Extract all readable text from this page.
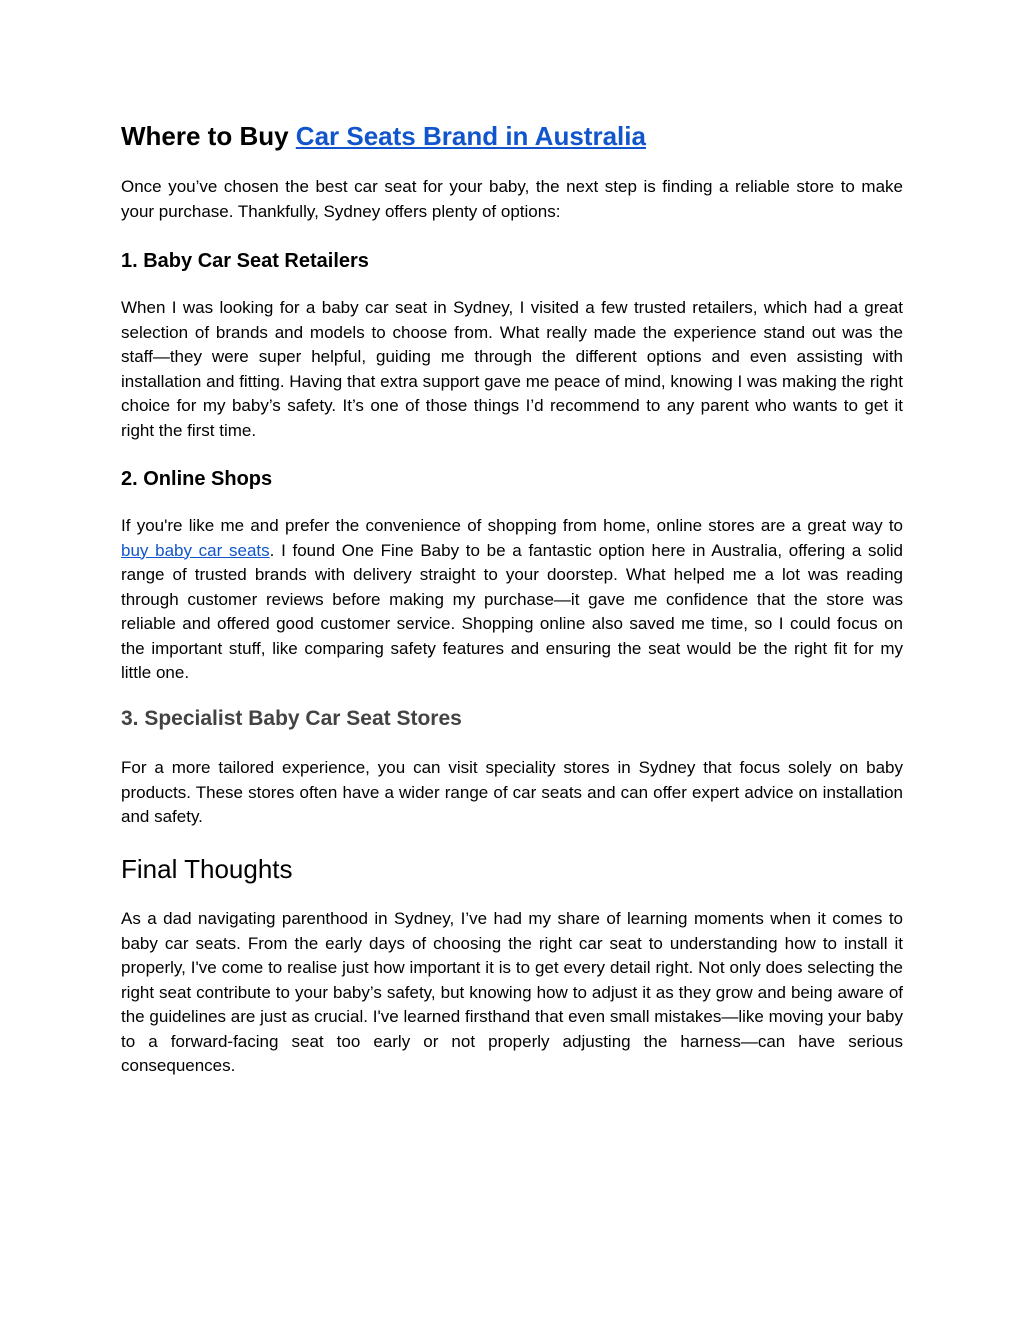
Where to Buy Car Seats Brand in Australia

Once you’ve chosen the best car seat for your baby, the next step is finding a reliable store to make your purchase. Thankfully, Sydney offers plenty of options:

1. Baby Car Seat Retailers

When I was looking for a baby car seat in Sydney, I visited a few trusted retailers, which had a great selection of brands and models to choose from. What really made the experience stand out was the staff—they were super helpful, guiding me through the different options and even assisting with installation and fitting. Having that extra support gave me peace of mind, knowing I was making the right choice for my baby’s safety. It’s one of those things I’d recommend to any parent who wants to get it right the first time.

2. Online Shops

If you're like me and prefer the convenience of shopping from home, online stores are a great way to buy baby car seats. I found One Fine Baby to be a fantastic option here in Australia, offering a solid range of trusted brands with delivery straight to your doorstep. What helped me a lot was reading through customer reviews before making my purchase—it gave me confidence that the store was reliable and offered good customer service. Shopping online also saved me time, so I could focus on the important stuff, like comparing safety features and ensuring the seat would be the right fit for my little one.

3. Specialist Baby Car Seat Stores

For a more tailored experience, you can visit speciality stores in Sydney that focus solely on baby products. These stores often have a wider range of car seats and can offer expert advice on installation and safety.

Final Thoughts

As a dad navigating parenthood in Sydney, I’ve had my share of learning moments when it comes to baby car seats. From the early days of choosing the right car seat to understanding how to install it properly, I've come to realise just how important it is to get every detail right. Not only does selecting the right seat contribute to your baby’s safety, but knowing how to adjust it as they grow and being aware of the guidelines are just as crucial. I've learned firsthand that even small mistakes—like moving your baby to a forward-facing seat too early or not properly adjusting the harness—can have serious consequences.
